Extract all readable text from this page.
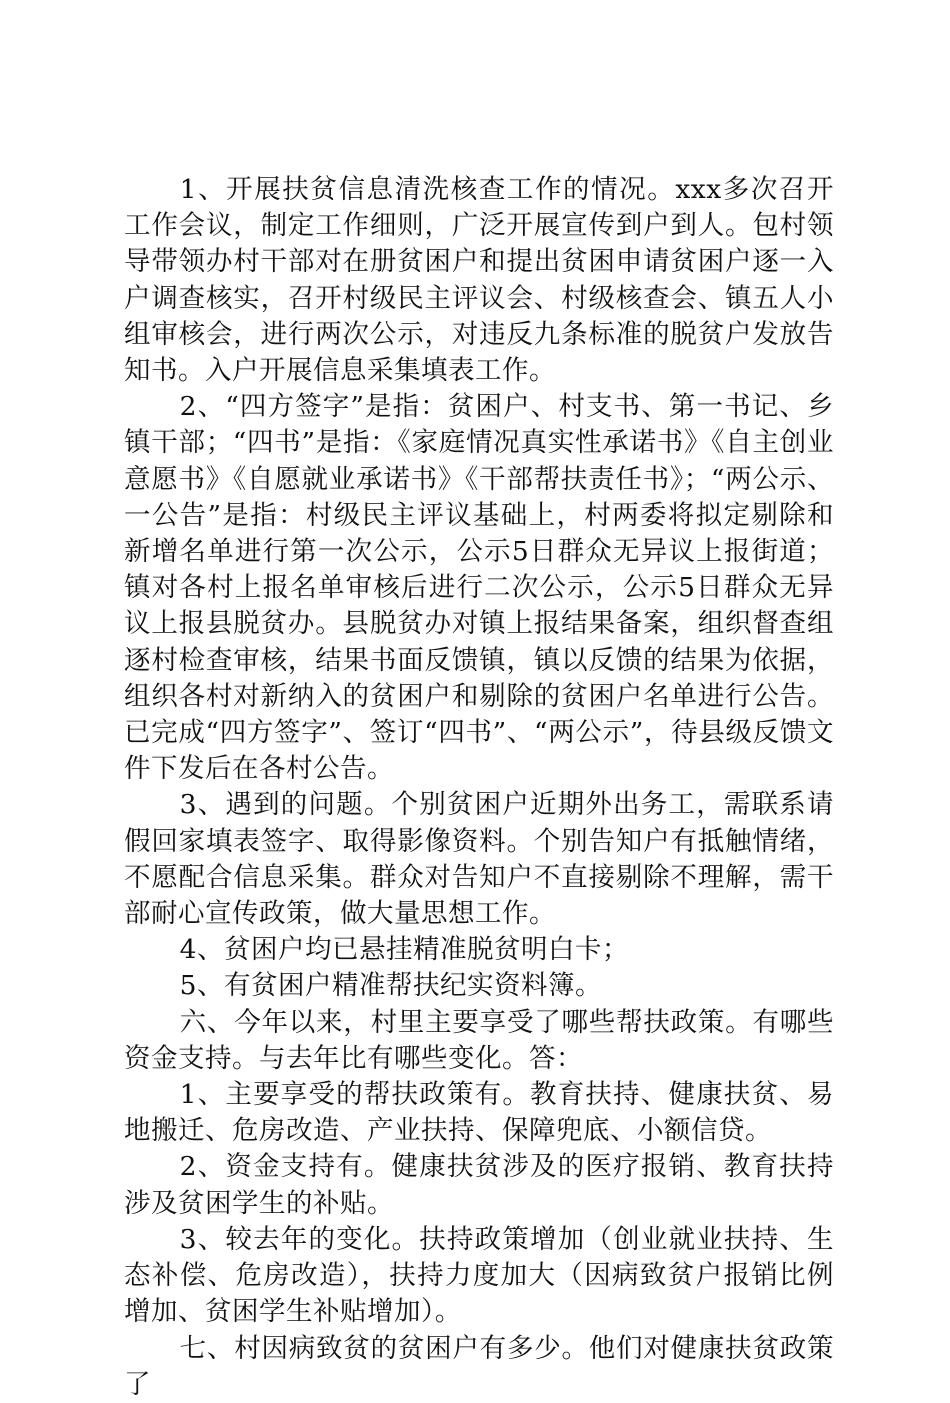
1、开展扶贫信息清洗核查工作的情况。xxx多次召开工作会议，制定工作细则，广泛开展宣传到户到人。包村领导带领办村干部对在册贫困户和提出贫困申请贫困户逐一入户调查核实，召开村级民主评议会、村级核查会、镇五人小组审核会，进行两次公示，对违反九条标准的脱贫户发放告知书。入户开展信息采集填表工作。

2、“四方签字”是指：贫困户、村支书、第一书记、乡镇干部；“四书”是指：《家庭情况真实性承诺书》《自主创业意愿书》《自愿就业承诺书》《干部帮扶责任书》；“两公示、一公告”是指：村级民主评议基础上，村两委将拟定剔除和新增名单进行第一次公示，公示5日群众无异议上报街道；镇对各村上报名单审核后进行二次公示，公示5日群众无异议上报县脱贫办。县脱贫办对镇上报结果备案，组织督查组逐村检查审核，结果书面反馈镇，镇以反馈的结果为依据，组织各村对新纳入的贫困户和剔除的贫困户名单进行公告。已完成“四方签字”、签订“四书”、“两公示”，待县级反馈文件下发后在各村公告。

3、遇到的问题。个别贫困户近期外出务工，需联系请假回家填表签字、取得影像资料。个别告知户有抵触情绪，不愿配合信息采集。群众对告知户不直接剔除不理解，需干部耐心宣传政策，做大量思想工作。

4、贫困户均已悬挂精准脱贫明白卡；

5、有贫困户精准帮扶纪实资料簿。

六、今年以来，村里主要享受了哪些帮扶政策。有哪些资金支持。与去年比有哪些变化。答：

1、主要享受的帮扶政策有。教育扶持、健康扶贫、易地搬迁、危房改造、产业扶持、保障兜底、小额信贷。

2、资金支持有。健康扶贫涉及的医疗报销、教育扶持涉及贫困学生的补贴。

3、较去年的变化。扶持政策增加（创业就业扶持、生态补偿、危房改造），扶持力度加大（因病致贫户报销比例增加、贫困学生补贴增加）。

七、村因病致贫的贫困户有多少。他们对健康扶贫政策了
